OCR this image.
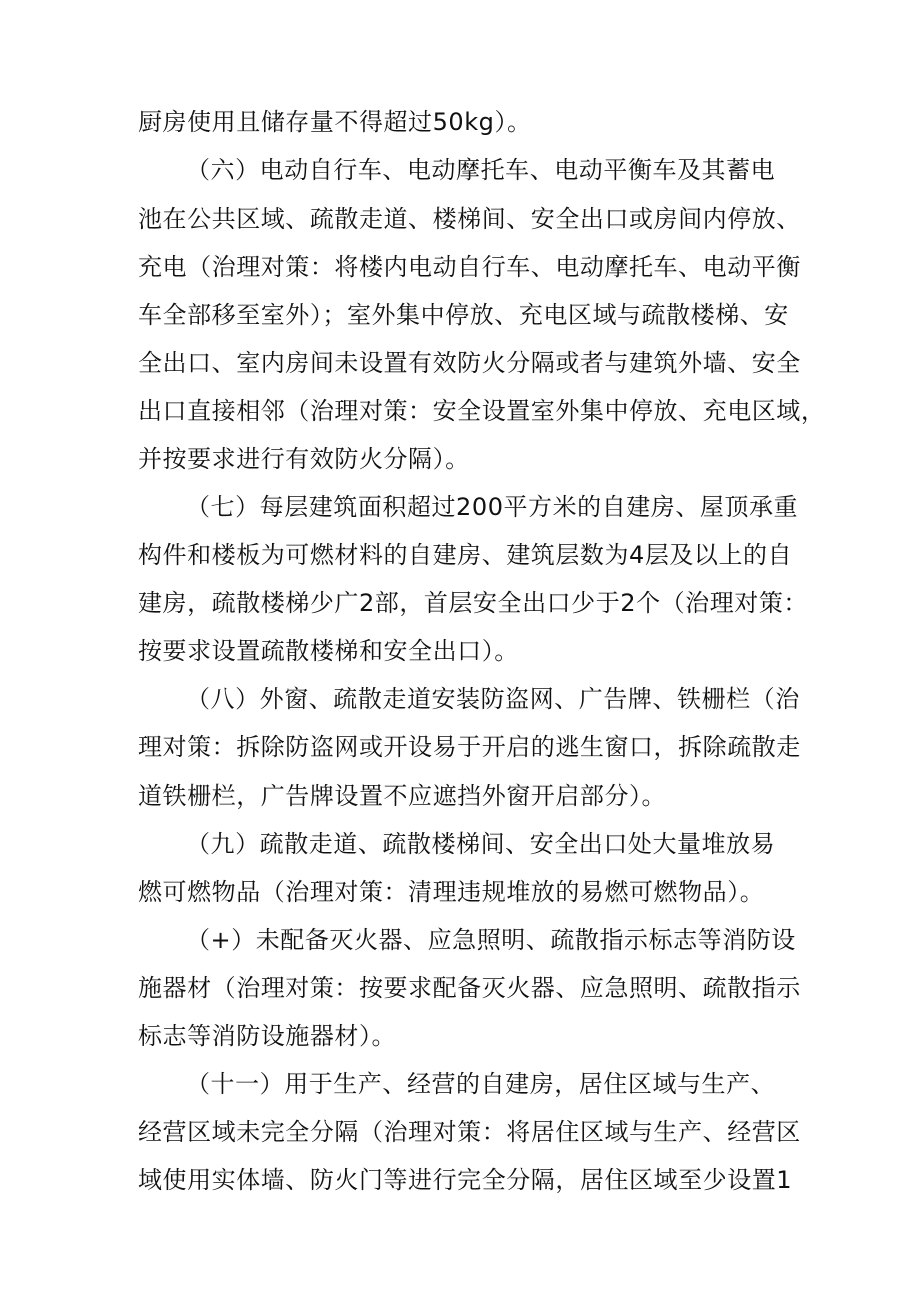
厨房使用且储存量不得超过50kg）。
（六）电动自行车、电动摩托车、电动平衡车及其蓄电
池在公共区域、疏散走道、楼梯间、安全出口或房间内停放、
充电（治理对策：将楼内电动自行车、电动摩托车、电动平衡
车全部移至室外）；室外集中停放、充电区域与疏散楼梯、安
全出口、室内房间未设置有效防火分隔或者与建筑外墙、安全
出口直接相邻（治理对策：安全设置室外集中停放、充电区域，
并按要求进行有效防火分隔）。
（七）每层建筑面积超过200平方米的自建房、屋顶承重
构件和楼板为可燃材料的自建房、建筑层数为4层及以上的自
建房，疏散楼梯少广2部，首层安全出口少于2个（治理对策：
按要求设置疏散楼梯和安全出口）。
（八）外窗、疏散走道安装防盗网、广告牌、铁栅栏（治
理对策：拆除防盗网或开设易于开启的逃生窗口，拆除疏散走
道铁栅栏，广告牌设置不应遮挡外窗开启部分）。
（九）疏散走道、疏散楼梯间、安全出口处大量堆放易
燃可燃物品（治理对策：清理违规堆放的易燃可燃物品）。
（+）未配备灭火器、应急照明、疏散指示标志等消防设
施器材（治理对策：按要求配备灭火器、应急照明、疏散指示
标志等消防设施器材）。
（十一）用于生产、经营的自建房，居住区域与生产、
经营区域未完全分隔（治理对策：将居住区域与生产、经营区
域使用实体墙、防火门等进行完全分隔，居住区域至少设置1
